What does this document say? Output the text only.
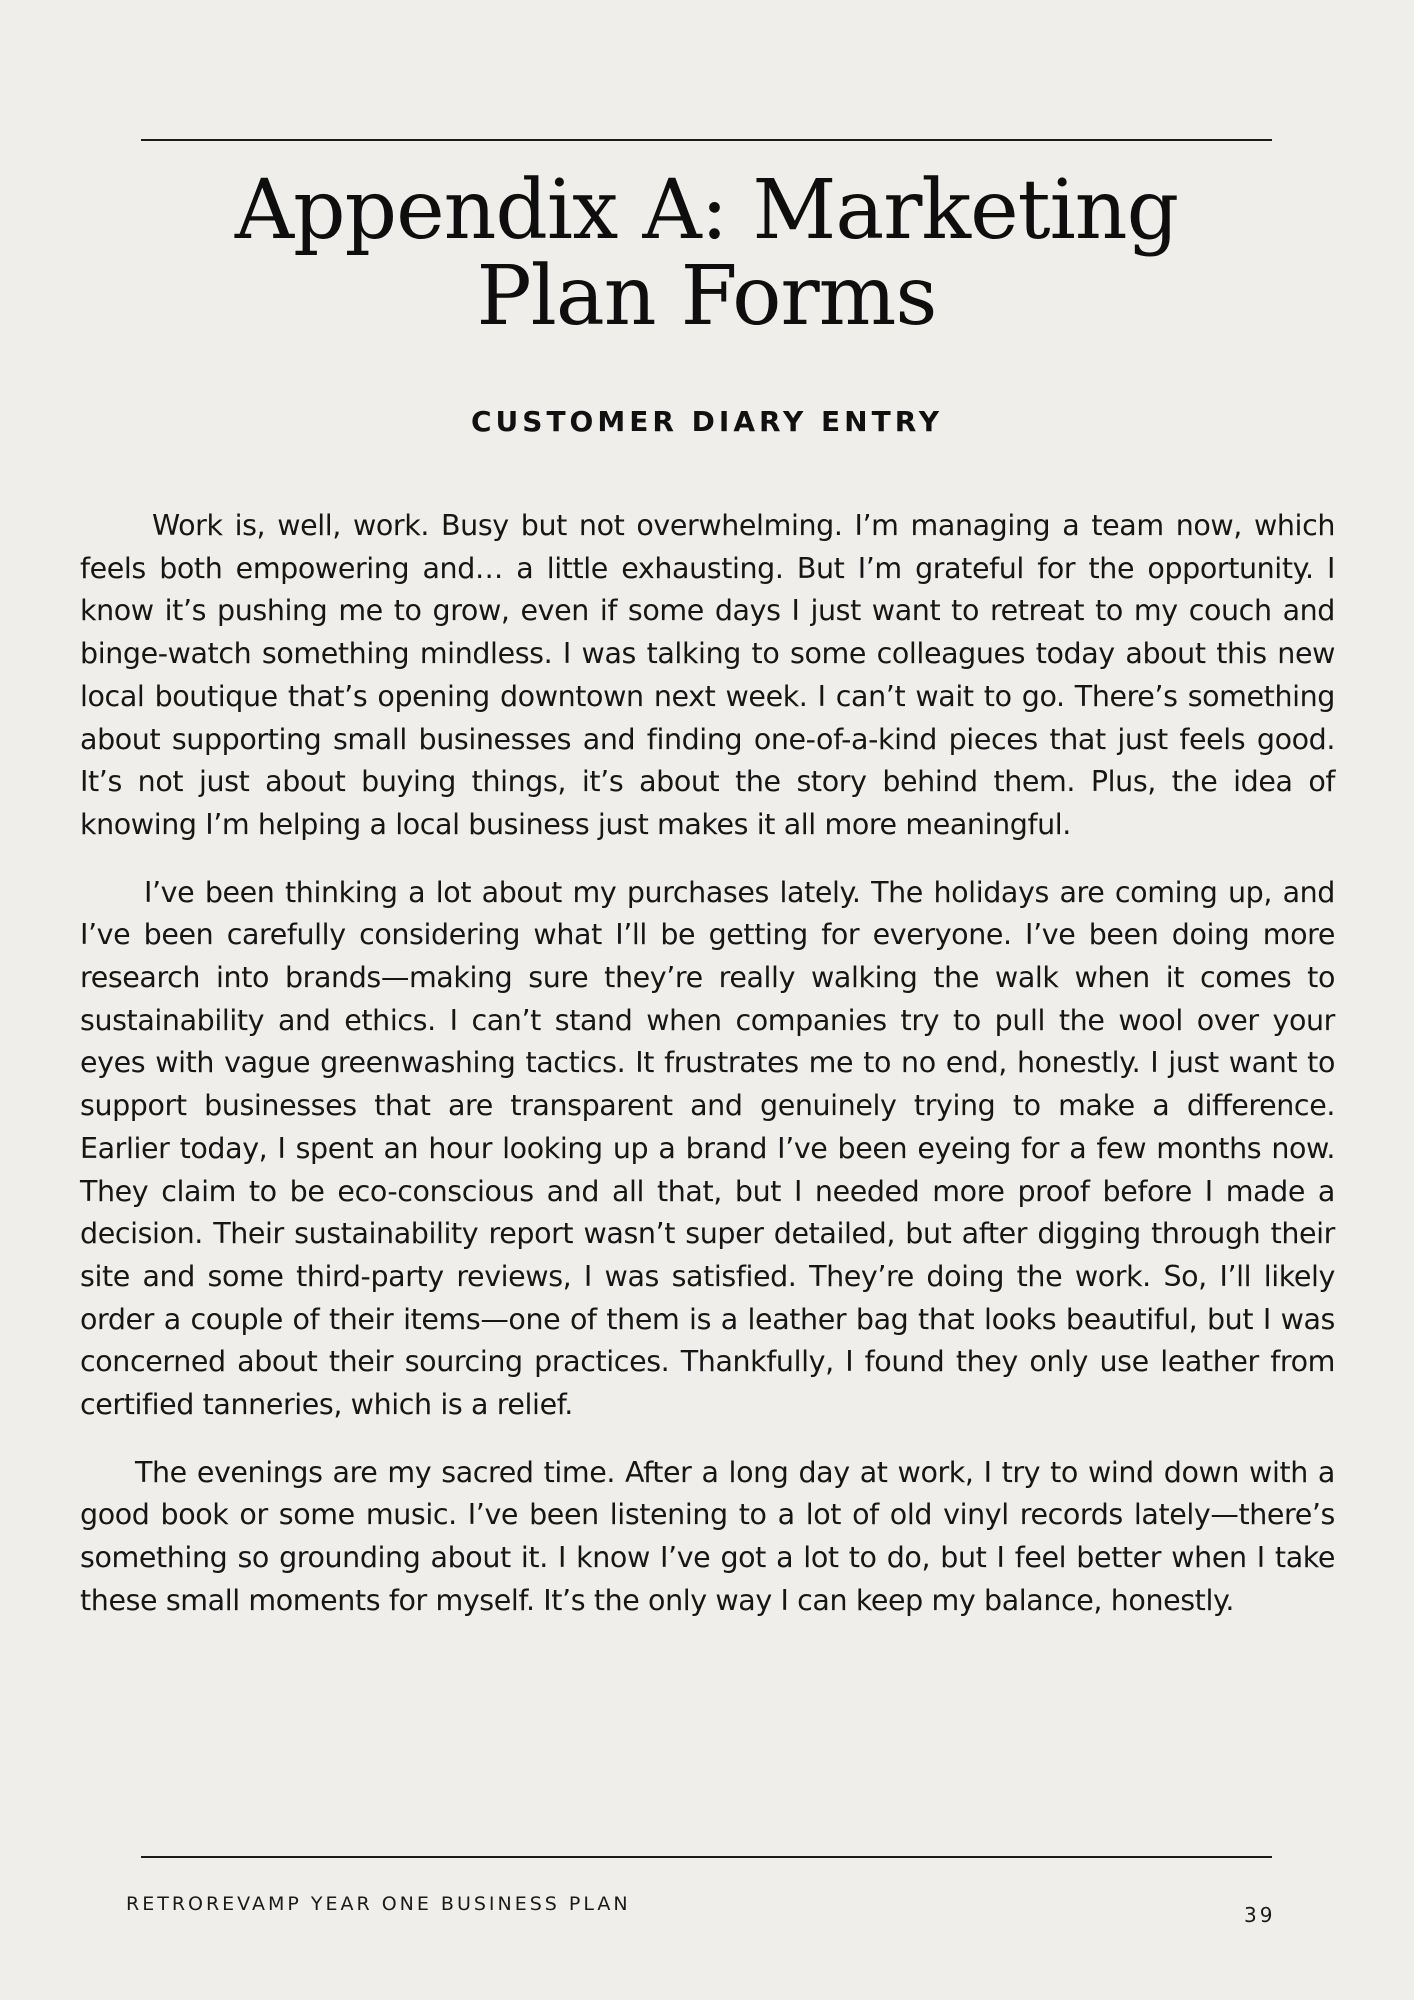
Appendix A: Marketing Plan Forms
CUSTOMER DIARY ENTRY

Work is, well, work. Busy but not overwhelming. I’m managing a team now, which feels both empowering and… a little exhausting. But I’m grateful for the opportunity. I know it’s pushing me to grow, even if some days I just want to retreat to my couch and binge-watch something mindless. I was talking to some colleagues today about this new local boutique that’s opening downtown next week. I can’t wait to go. There’s something about supporting small businesses and finding one-of-a-kind pieces that just feels good. It’s not just about buying things, it’s about the story behind them. Plus, the idea of knowing I’m helping a local business just makes it all more meaningful.

I’ve been thinking a lot about my purchases lately. The holidays are coming up, and I’ve been carefully considering what I’ll be getting for everyone. I’ve been doing more research into brands—making sure they’re really walking the walk when it comes to sustainability and ethics. I can’t stand when companies try to pull the wool over your eyes with vague greenwashing tactics. It frustrates me to no end, honestly. I just want to support businesses that are transparent and genuinely trying to make a difference. Earlier today, I spent an hour looking up a brand I’ve been eyeing for a few months now. They claim to be eco-conscious and all that, but I needed more proof before I made a decision. Their sustainability report wasn’t super detailed, but after digging through their site and some third-party reviews, I was satisfied. They’re doing the work. So, I’ll likely order a couple of their items—one of them is a leather bag that looks beautiful, but I was concerned about their sourcing practices. Thankfully, I found they only use leather from certified tanneries, which is a relief.

The evenings are my sacred time. After a long day at work, I try to wind down with a good book or some music. I’ve been listening to a lot of old vinyl records lately—there’s something so grounding about it. I know I’ve got a lot to do, but I feel better when I take these small moments for myself. It’s the only way I can keep my balance, honestly.

RETROREVAMP YEAR ONE BUSINESS PLAN	39
